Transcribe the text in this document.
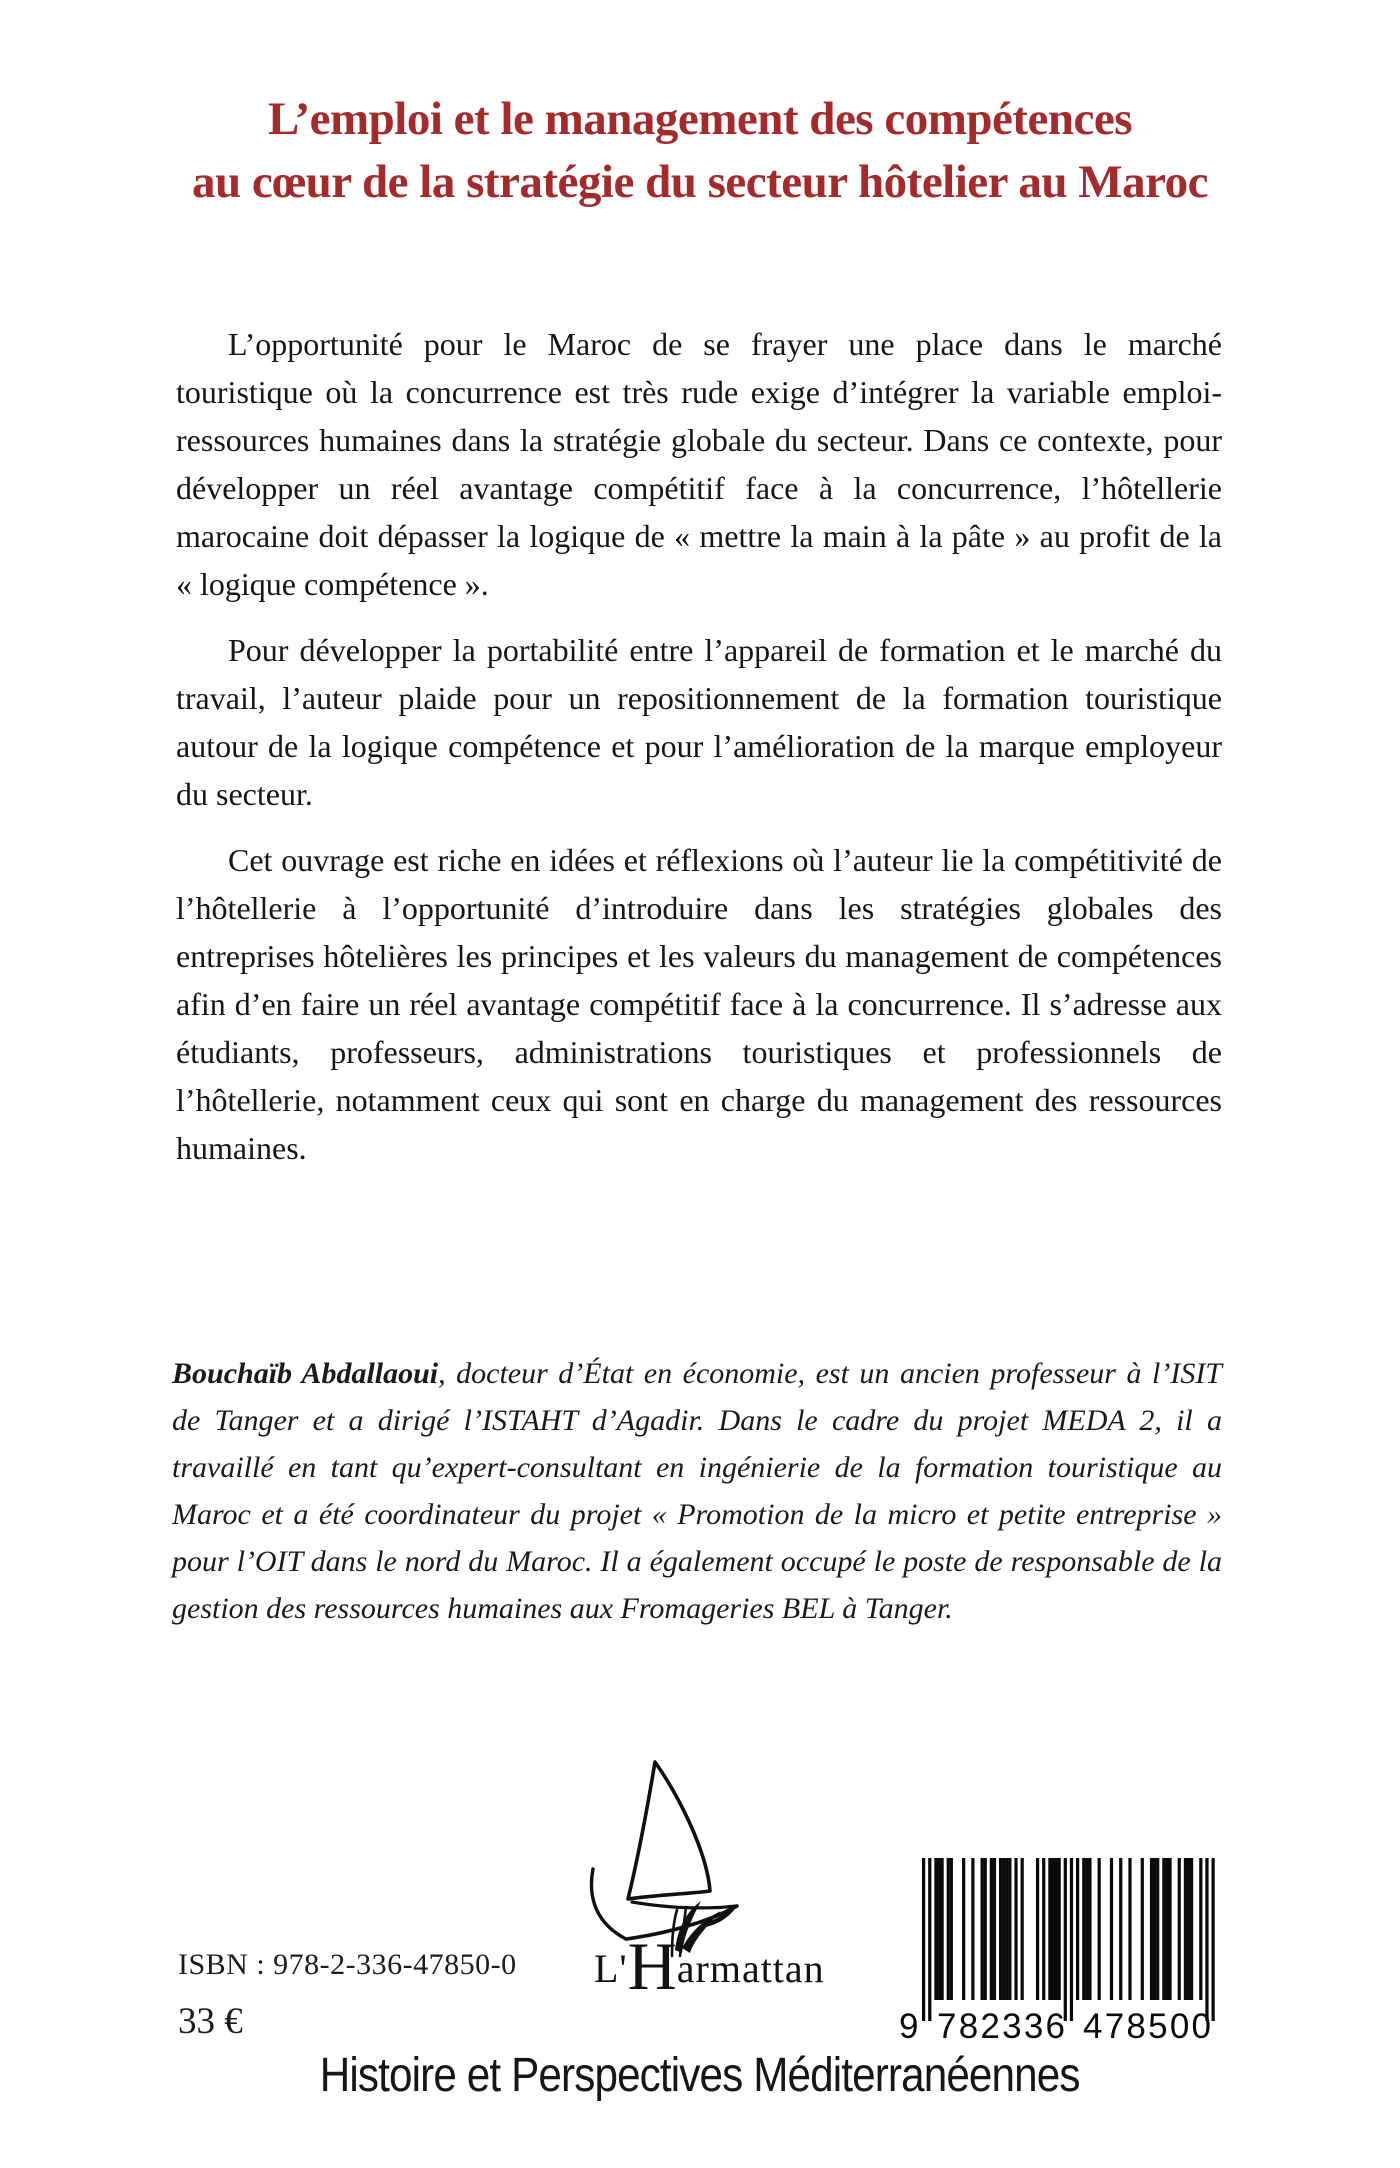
L’emploi et le management des compétences
au cœur de la stratégie du secteur hôtelier au Maroc

L’opportunité pour le Maroc de se frayer une place dans le marché touristique où la concurrence est très rude exige d’intégrer la variable emploi-ressources humaines dans la stratégie globale du secteur. Dans ce contexte, pour développer un réel avantage compétitif face à la concurrence, l’hôtellerie marocaine doit dépasser la logique de « mettre la main à la pâte » au profit de la « logique compétence ».

Pour développer la portabilité entre l’appareil de formation et le marché du travail, l’auteur plaide pour un repositionnement de la formation touristique autour de la logique compétence et pour l’amélioration de la marque employeur du secteur.

Cet ouvrage est riche en idées et réflexions où l’auteur lie la compétitivité de l’hôtellerie à l’opportunité d’introduire dans les stratégies globales des entreprises hôtelières les principes et les valeurs du management de compétences afin d’en faire un réel avantage compétitif face à la concurrence. Il s’adresse aux étudiants, professeurs, administrations touristiques et professionnels de l’hôtellerie, notamment ceux qui sont en charge du management des ressources humaines.

Bouchaïb Abdallaoui, docteur d’État en économie, est un ancien professeur à l’ISIT de Tanger et a dirigé l’ISTAHT d’Agadir. Dans le cadre du projet MEDA 2, il a travaillé en tant qu’expert-consultant en ingénierie de la formation touristique au Maroc et a été coordinateur du projet « Promotion de la micro et petite entreprise » pour l’OIT dans le nord du Maroc. Il a également occupé le poste de responsable de la gestion des ressources humaines aux Fromageries BEL à Tanger.

L'Harmattan
ISBN : 978-2-336-47850-0
33 €	9 782336 478500
Histoire et Perspectives Méditerranéennes
